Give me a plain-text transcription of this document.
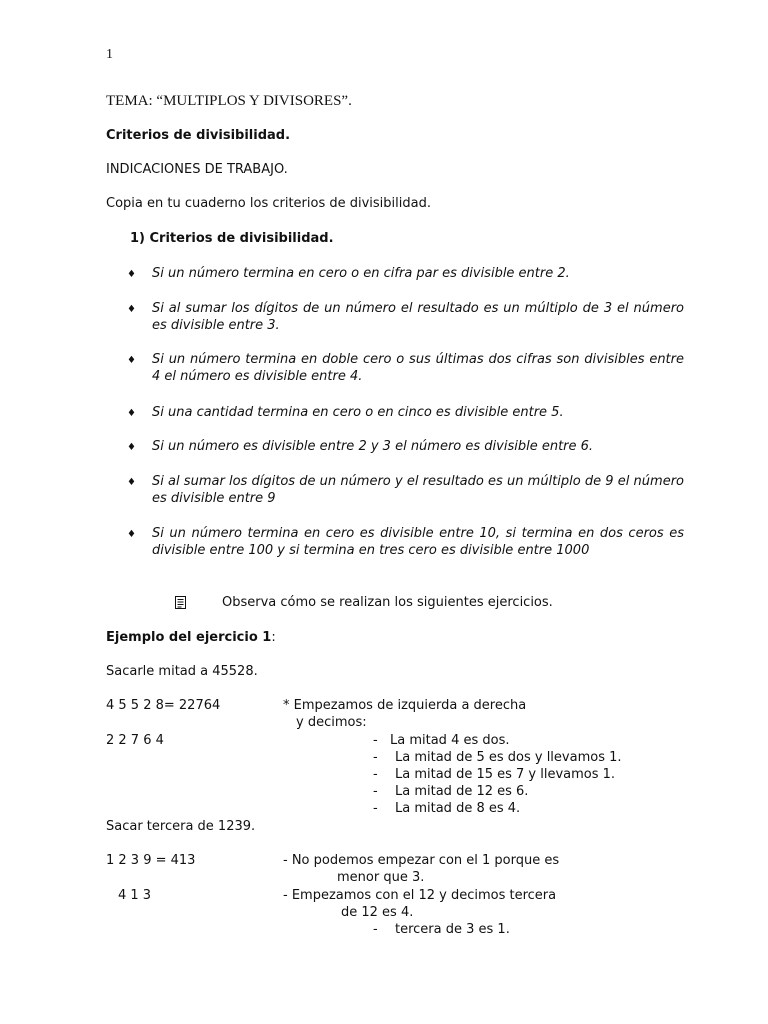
1
TEMA: “MULTIPLOS Y DIVISORES”.
Criterios de divisibilidad.
INDICACIONES DE TRABAJO.
Copia en tu cuaderno los criterios de divisibilidad.
1) Criterios de divisibilidad.
♦ Si un número termina en cero o en cifra par es divisible entre 2.
♦ Si al sumar los dígitos de un número el resultado es un múltiplo de 3 el número es divisible entre 3.
♦ Si un número termina en doble cero o sus últimas dos cifras son divisibles entre 4 el número es divisible entre 4.
♦ Si una cantidad termina en cero o en cinco es divisible entre 5.
♦ Si un número es divisible entre 2 y 3 el número es divisible entre 6.
♦ Si al sumar los dígitos de un número y el resultado es un múltiplo de 9 el número es divisible entre 9
♦ Si un número termina en cero es divisible entre 10, si termina en dos ceros es divisible entre 100 y si termina en tres cero es divisible entre 1000
Observa cómo se realizan los siguientes ejercicios.
Ejemplo del ejercicio 1:
Sacarle mitad a 45528.
4 5 5 2 8= 22764	* Empezamos de izquierda a derecha
y decimos:
2 2 7 6 4	- La mitad 4 es dos.
- La mitad de 5 es dos y llevamos 1.
- La mitad de 15 es 7 y llevamos 1.
- La mitad de 12 es 6.
- La mitad de 8 es 4.
Sacar tercera de 1239.
1 2 3 9 = 413	- No podemos empezar con el 1 porque es
menor que 3.
4 1 3	- Empezamos con el 12 y decimos tercera
de 12 es 4.
- tercera de 3 es 1.
